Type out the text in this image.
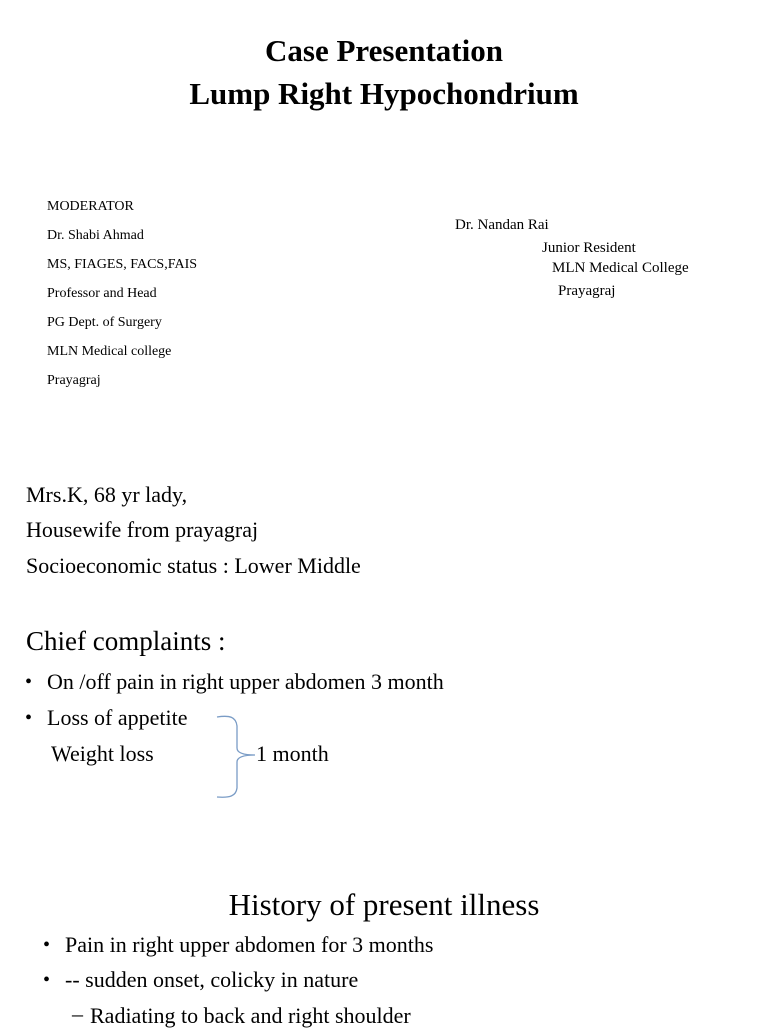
Case Presentation
Lump Right Hypochondrium
MODERATOR
Dr. Shabi Ahmad
MS, FIAGES, FACS,FAIS
Professor and Head
PG Dept. of Surgery
MLN Medical college
Prayagraj
Dr. Nandan Rai
Junior Resident
MLN Medical College
Prayagraj
Mrs.K, 68 yr lady,
Housewife from prayagraj
Socioeconomic status : Lower Middle
Chief complaints :
• On /off pain in right upper abdomen 3 month
• Loss of appetite
Weight loss	1 month
History of present illness
• Pain in right upper abdomen for 3 months
• -- sudden onset, colicky in nature
– Radiating to back and right shoulder
